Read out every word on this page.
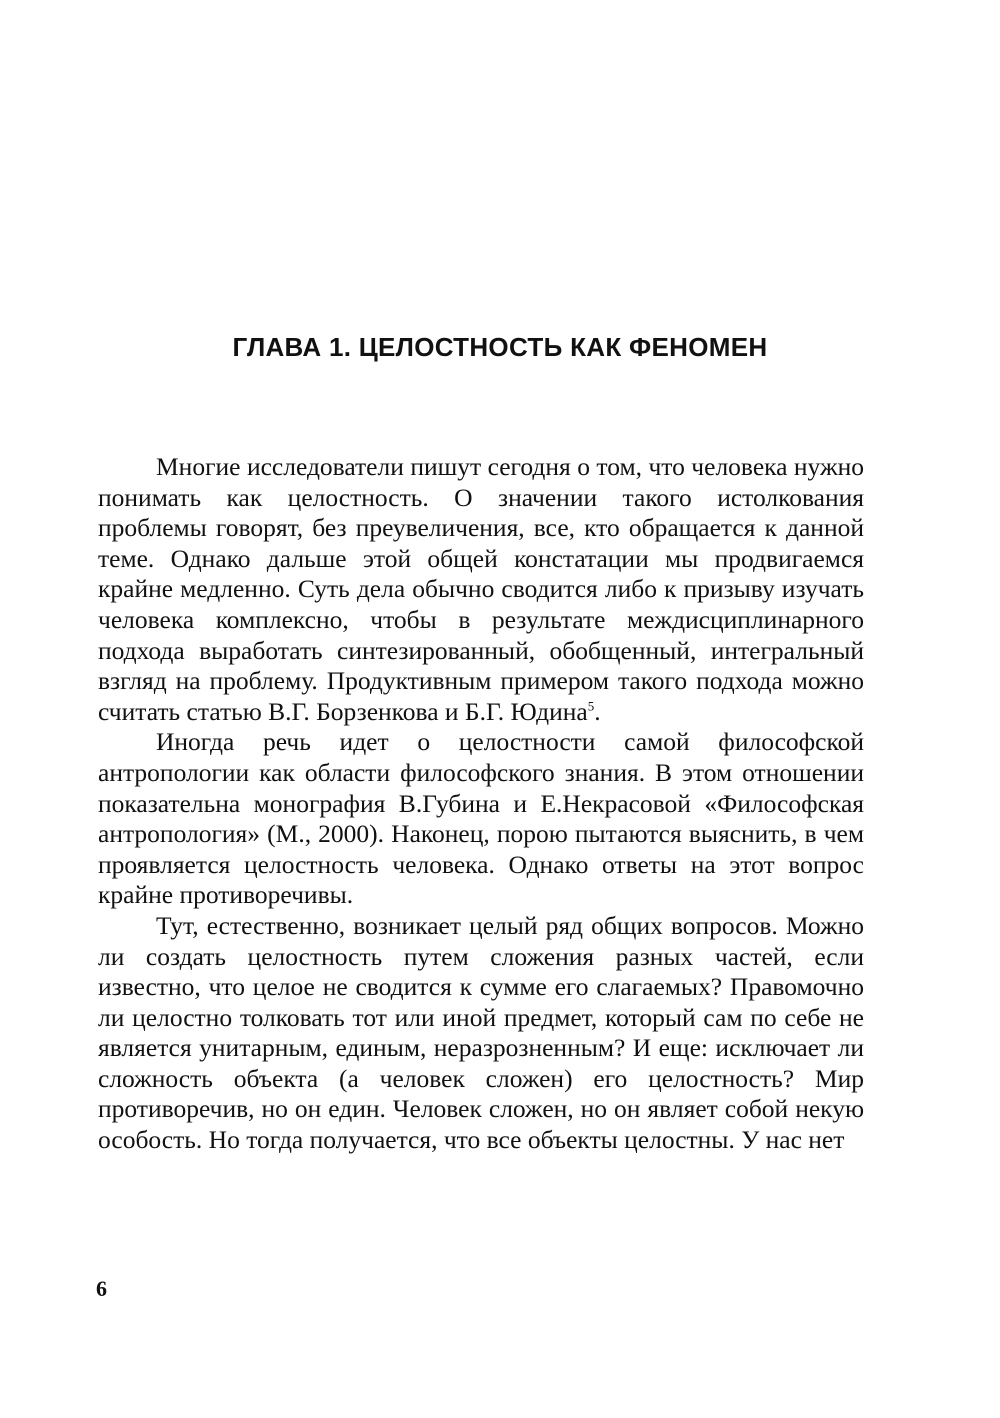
ГЛАВА 1. ЦЕЛОСТНОСТЬ КАК ФЕНОМЕН

Многие исследователи пишут сегодня о том, что человека нужно понимать как целостность. О значении такого истолкования проблемы говорят, без преувеличения, все, кто обращается к данной теме. Однако дальше этой общей констатации мы продвигаемся крайне медленно. Суть дела обычно сводится либо к призыву изучать человека комплексно, чтобы в результате междисциплинарного подхода выработать синтезированный, обобщенный, интегральный взгляд на проблему. Продуктивным примером такого подхода можно считать статью В.Г. Борзенкова и Б.Г. Юдина$^5$.

Иногда речь идет о целостности самой философской антропологии как области философского знания. В этом отношении показательна монография В.Губина и Е.Некрасовой «Философская антропология» (М., 2000). Наконец, порою пытаются выяснить, в чем проявляется целостность человека. Однако ответы на этот вопрос крайне противоречивы.

Тут, естественно, возникает целый ряд общих вопросов. Можно ли создать целостность путем сложения разных частей, если известно, что целое не сводится к сумме его слагаемых? Правомочно ли целостно толковать тот или иной предмет, который сам по себе не является унитарным, единым, неразрозненным? И еще: исключает ли сложность объекта (а человек сложен) его целостность? Мир противоречив, но он един. Человек сложен, но он являет собой некую особость. Но тогда получается, что все объекты целостны. У нас нет

6
